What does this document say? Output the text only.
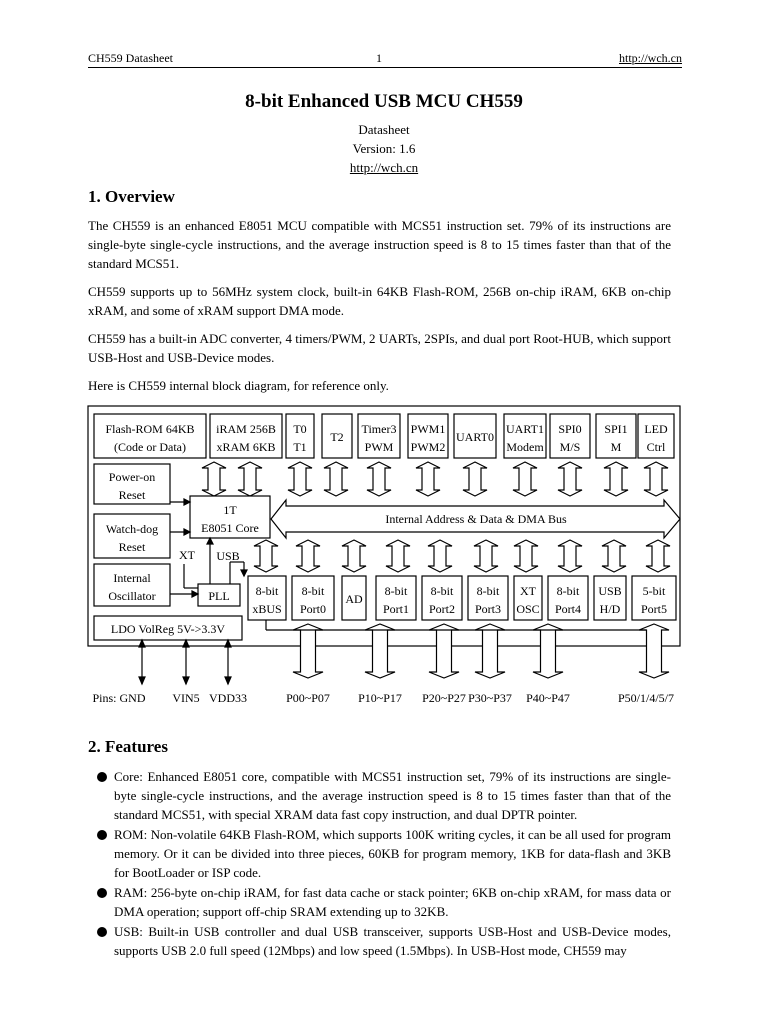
CH559 Datasheet	1	http://wch.cn
8-bit Enhanced USB MCU CH559
Datasheet
Version: 1.6
http://wch.cn
1. Overview
The CH559 is an enhanced E8051 MCU compatible with MCS51 instruction set. 79% of its instructions are single-byte single-cycle instructions, and the average instruction speed is 8 to 15 times faster than that of the standard MCS51.
CH559 supports up to 56MHz system clock, built-in 64KB Flash-ROM, 256B on-chip iRAM, 6KB on-chip xRAM, and some of xRAM support DMA mode.
CH559 has a built-in ADC converter, 4 timers/PWM, 2 UARTs, 2SPIs, and dual port Root-HUB, which support USB-Host and USB-Device modes.
Here is CH559 internal block diagram, for reference only.
Flash-ROM 64KB
(Code or Data)
iRAM 256B
xRAM 6KB
T0
T1
T2
Timer3
PWM
PWM1
PWM2
UART0
UART1
Modem
SPI0
M/S
SPI1
M
LED
Ctrl
Internal Address & Data & DMA Bus
Power-on
Reset
Watch-dog
Reset
Internal
Oscillator
1T
E8051 Core
PLL
LDO VolReg 5V->3.3V
XT USB
8-bit
xBUS
8-bit
Port0
AD
8-bit
Port1
8-bit
Port2
8-bit
Port3
XT
OSC
8-bit
Port4
USB
H/D
5-bit
Port5
Pins: GND VIN5 VDD33	P00~P07 P10~P17 P20~P27 P30~P37 P40~P47	P50/1/4/5/7
2. Features
Core: Enhanced E8051 core, compatible with MCS51 instruction set, 79% of its instructions are single-byte single-cycle instructions, and the average instruction speed is 8 to 15 times faster than that of the standard MCS51, with special XRAM data fast copy instruction, and dual DPTR pointer.
ROM: Non-volatile 64KB Flash-ROM, which supports 100K writing cycles, it can be all used for program memory. Or it can be divided into three pieces, 60KB for program memory, 1KB for data-flash and 3KB for BootLoader or ISP code.
RAM: 256-byte on-chip iRAM, for fast data cache or stack pointer; 6KB on-chip xRAM, for mass data or DMA operation; support off-chip SRAM extending up to 32KB.
USB: Built-in USB controller and dual USB transceiver, supports USB-Host and USB-Device modes, supports USB 2.0 full speed (12Mbps) and low speed (1.5Mbps). In USB-Host mode, CH559 may
